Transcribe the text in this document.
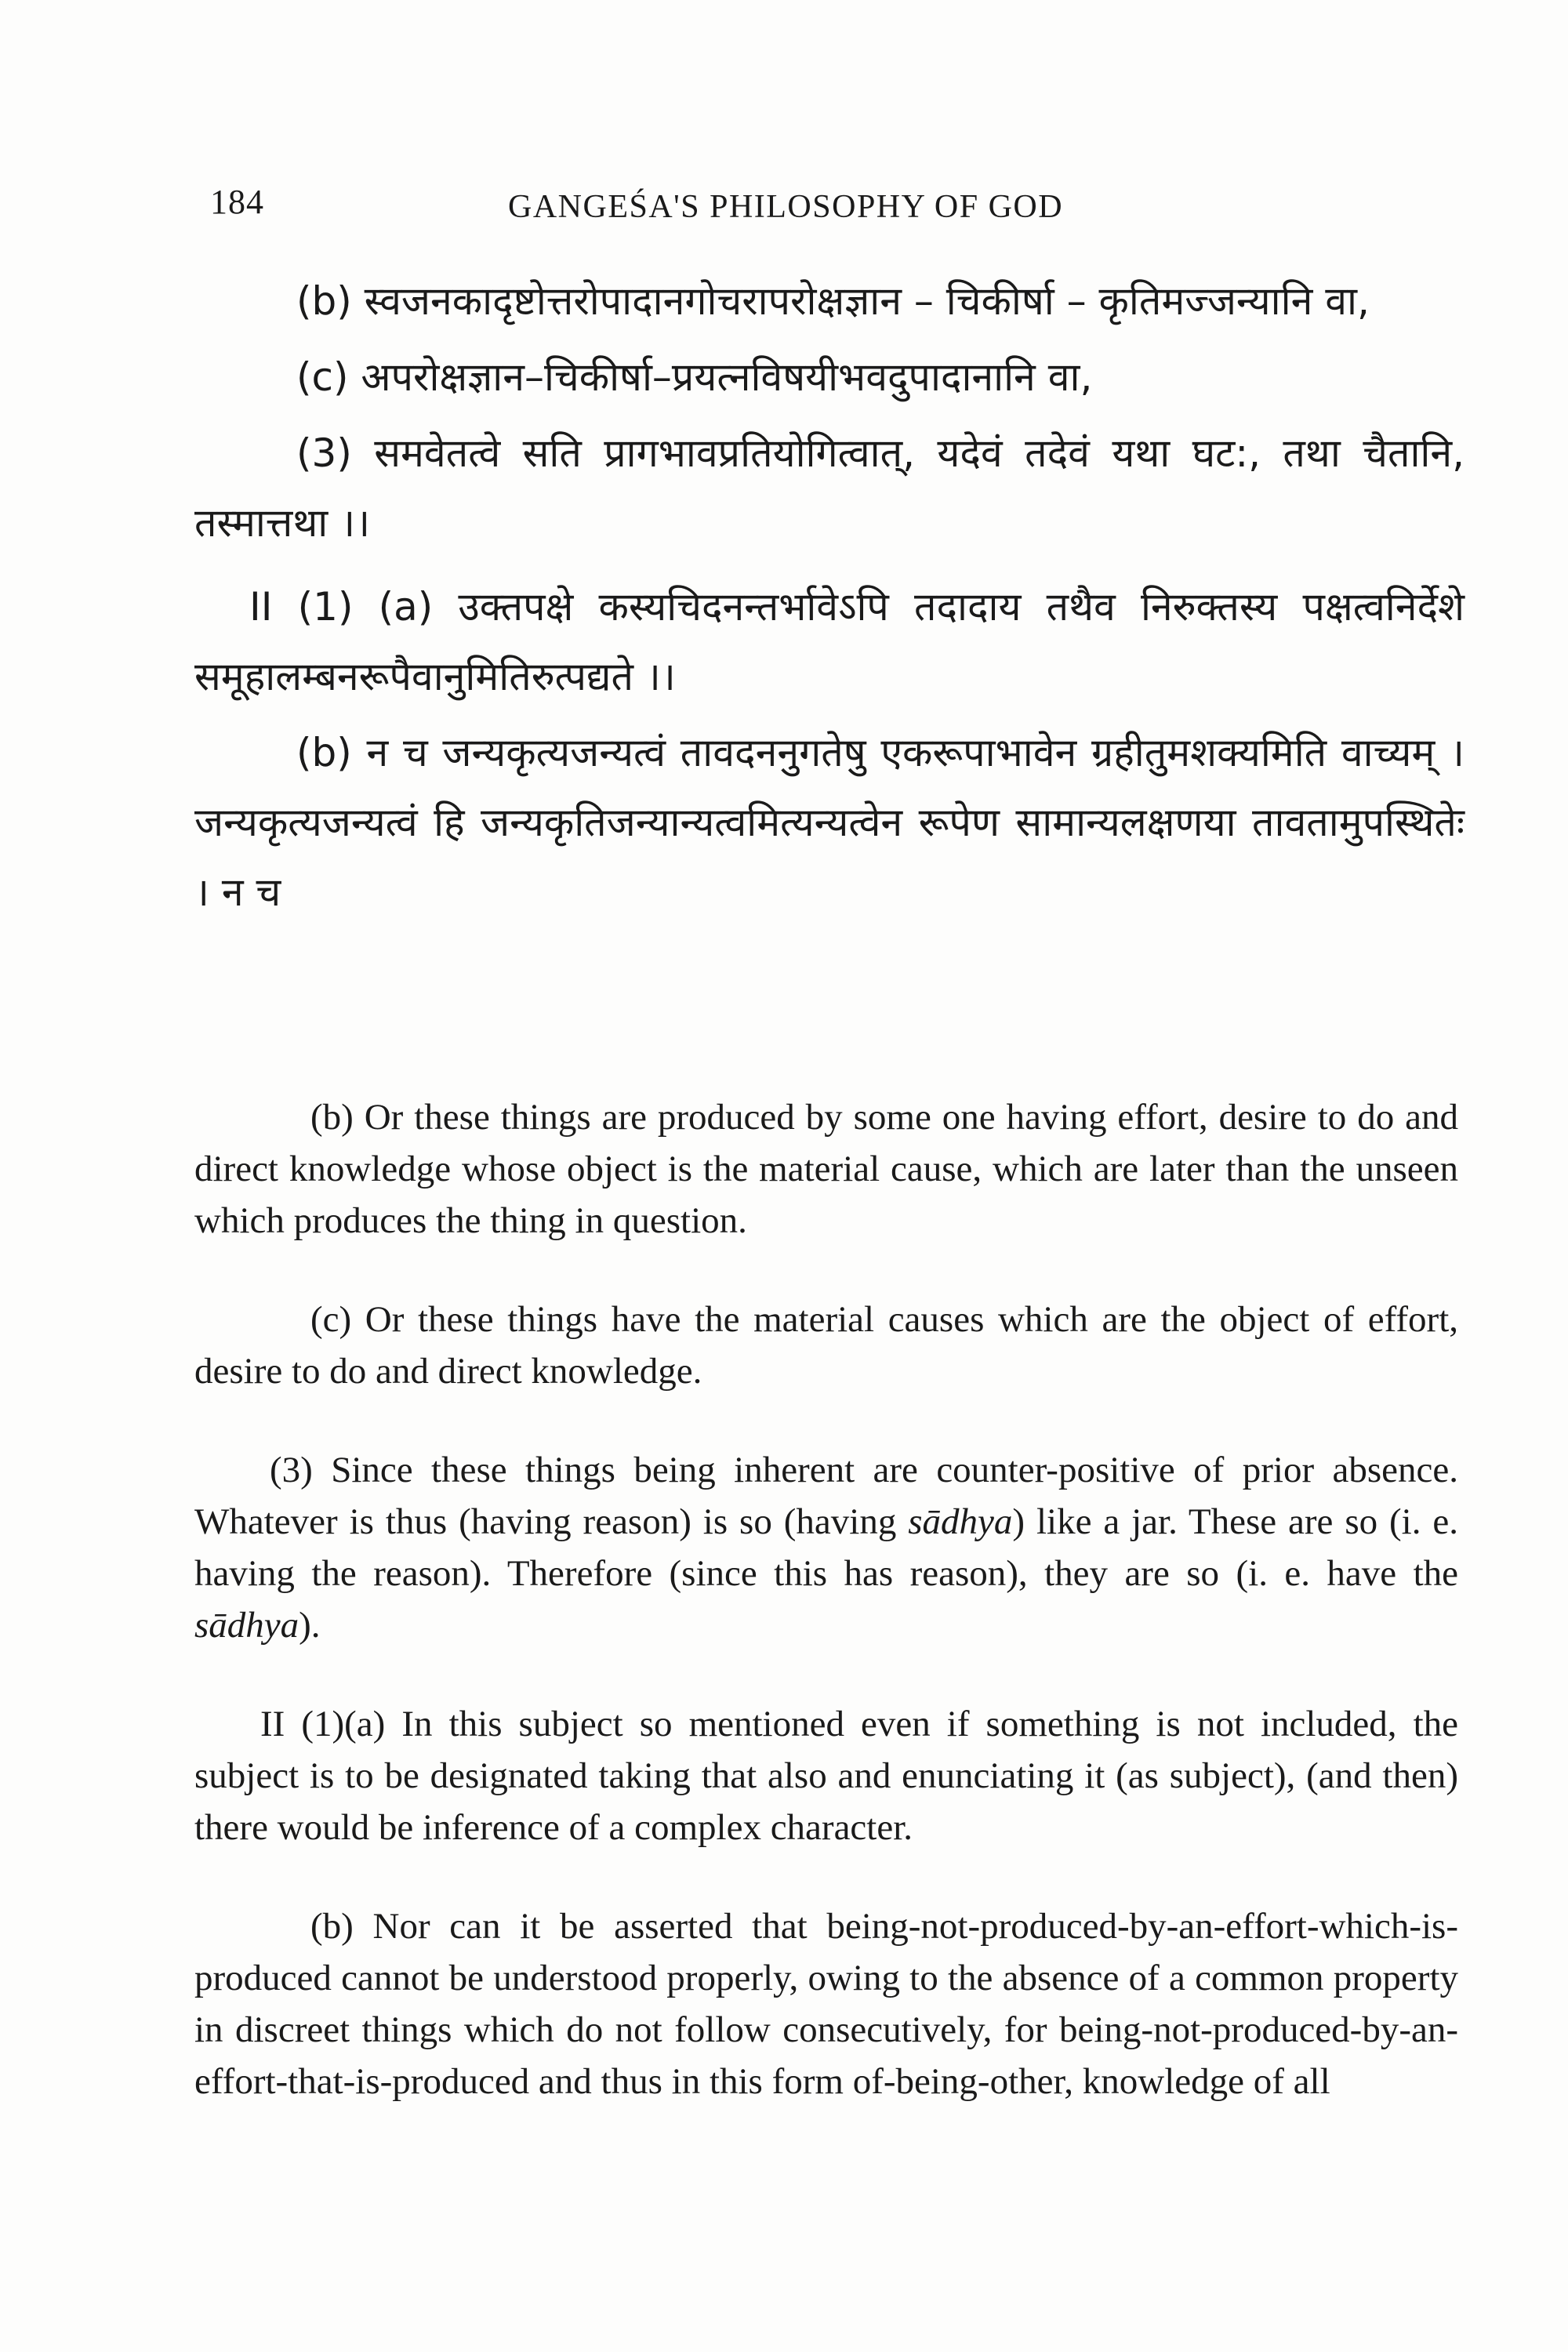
184	GANGEŚA'S PHILOSOPHY OF GOD

(b) स्वजनकादृष्टोत्तरोपादानगोचरापरोक्षज्ञान – चिकीर्षा – कृतिमज्जन्यानि वा,

(c) अपरोक्षज्ञान–चिकीर्षा–प्रयत्नविषयीभवदुपादानानि वा,

(3) समवेतत्वे सति प्रागभावप्रतियोगित्वात्, यदेवं तदेवं यथा घट:, तथा चैतानि, तस्मात्तथा ।।

II (1) (a) उक्तपक्षे कस्यचिदनन्तर्भावेऽपि तदादाय तथैव निरुक्तस्य पक्षत्वनिर्देशे समूहालम्बनरूपैवानुमितिरुत्पद्यते ।।

(b) न च जन्यकृत्यजन्यत्वं तावदननुगतेषु एकरूपाभावेन ग्रहीतुमशक्यमिति वाच्यम् । जन्यकृत्यजन्यत्वं हि जन्यकृतिजन्यान्यत्वमित्यन्यत्वेन रूपेण सामान्यलक्षणया तावतामुपस्थितेः । न च

(b) Or these things are produced by some one having effort, desire to do and direct knowledge whose object is the material cause, which are later than the unseen which produces the thing in question.

(c) Or these things have the material causes which are the object of effort, desire to do and direct knowledge.

(3) Since these things being inherent are counter-positive of prior absence. Whatever is thus (having reason) is so (having sādhya) like a jar. These are so (i. e. having the reason). Therefore (since this has reason), they are so (i. e. have the sādhya).

II (1)(a) In this subject so mentioned even if something is not included, the subject is to be designated taking that also and enunciating it (as subject), (and then) there would be inference of a complex character.

(b) Nor can it be asserted that being-not-produced-by-an-effort-which-is-produced cannot be understood properly, owing to the absence of a common property in discreet things which do not follow consecutively, for being-not-produced-by-an-effort-that-is-produced and thus in this form of-being-other, knowledge of all
